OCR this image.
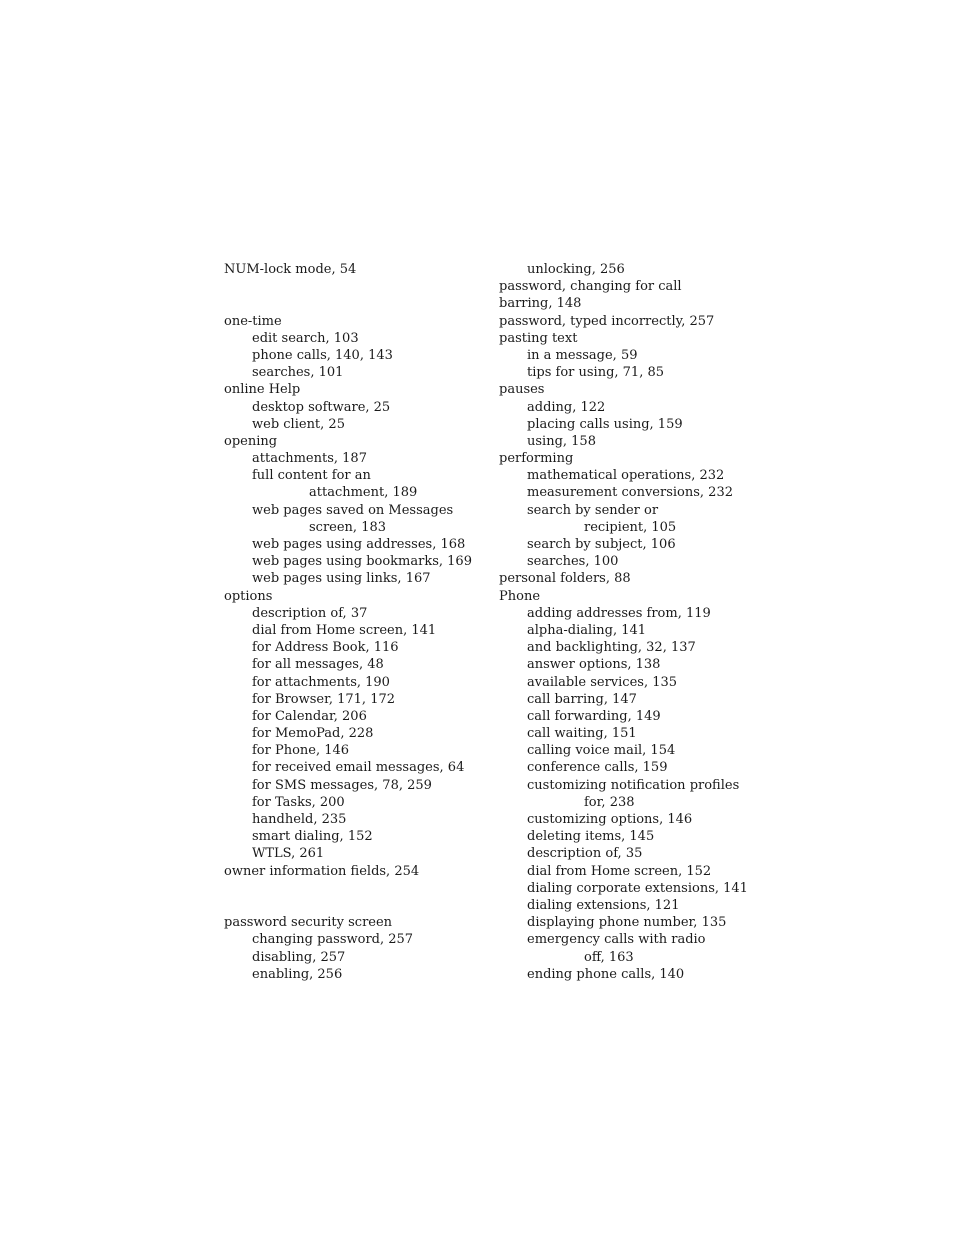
NUM-lock mode, 54
one-time
edit search, 103
phone calls, 140, 143
searches, 101
online Help
desktop software, 25
web client, 25
opening
attachments, 187
full content for an
attachment, 189
web pages saved on Messages
screen, 183
web pages using addresses, 168
web pages using bookmarks, 169
web pages using links, 167
options
description of, 37
dial from Home screen, 141
for Address Book, 116
for all messages, 48
for attachments, 190
for Browser, 171, 172
for Calendar, 206
for MemoPad, 228
for Phone, 146
for received email messages, 64
for SMS messages, 78, 259
for Tasks, 200
handheld, 235
smart dialing, 152
WTLS, 261
owner information fields, 254
password security screen
changing password, 257
disabling, 257
enabling, 256
unlocking, 256
password, changing for call
barring, 148
password, typed incorrectly, 257
pasting text
in a message, 59
tips for using, 71, 85
pauses
adding, 122
placing calls using, 159
using, 158
performing
mathematical operations, 232
measurement conversions, 232
search by sender or
recipient, 105
search by subject, 106
searches, 100
personal folders, 88
Phone
adding addresses from, 119
alpha-dialing, 141
and backlighting, 32, 137
answer options, 138
available services, 135
call barring, 147
call forwarding, 149
call waiting, 151
calling voice mail, 154
conference calls, 159
customizing notification profiles
for, 238
customizing options, 146
deleting items, 145
description of, 35
dial from Home screen, 152
dialing corporate extensions, 141
dialing extensions, 121
displaying phone number, 135
emergency calls with radio
off, 163
ending phone calls, 140
